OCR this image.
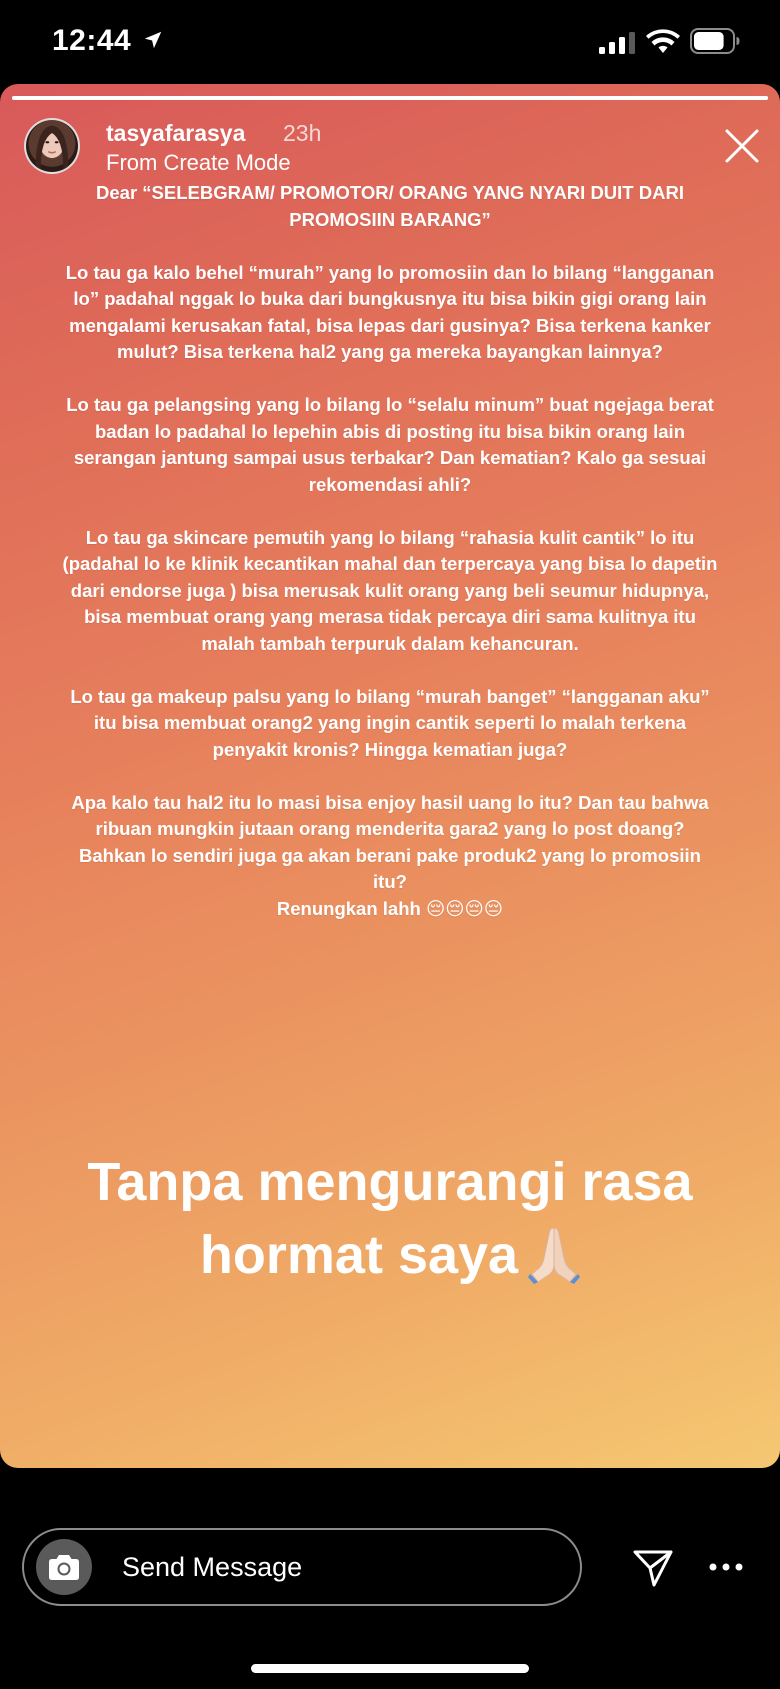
12:44
tasyafarasya 23h
From Create Mode

Dear “SELEBGRAM/ PROMOTOR/ ORANG YANG NYARI DUIT DARI PROMOSIIN BARANG”

Lo tau ga kalo behel “murah” yang lo promosiin dan lo bilang “langganan lo” padahal nggak lo buka dari bungkusnya itu bisa bikin gigi orang lain mengalami kerusakan fatal, bisa lepas dari gusinya? Bisa terkena kanker mulut? Bisa terkena hal2 yang ga mereka bayangkan lainnya?

Lo tau ga pelangsing yang lo bilang lo “selalu minum” buat ngejaga berat badan lo padahal lo lepehin abis di posting itu bisa bikin orang lain serangan jantung sampai usus terbakar? Dan kematian? Kalo ga sesuai rekomendasi ahli?

Lo tau ga skincare pemutih yang lo bilang “rahasia kulit cantik” lo itu (padahal lo ke klinik kecantikan mahal dan terpercaya yang bisa lo dapetin dari endorse juga ) bisa merusak kulit orang yang beli seumur hidupnya, bisa membuat orang yang merasa tidak percaya diri sama kulitnya itu malah tambah terpuruk dalam kehancuran.

Lo tau ga makeup palsu yang lo bilang “murah banget” “langganan aku” itu bisa membuat orang2 yang ingin cantik seperti lo malah terkena penyakit kronis? Hingga kematian juga?

Apa kalo tau hal2 itu lo masi bisa enjoy hasil uang lo itu? Dan tau bahwa ribuan mungkin jutaan orang menderita gara2 yang lo post doang? Bahkan lo sendiri juga ga akan berani pake produk2 yang lo promosiin itu?
Renungkan lahh 😔😔😔😔

Tanpa mengurangi rasa hormat saya
Send Message
